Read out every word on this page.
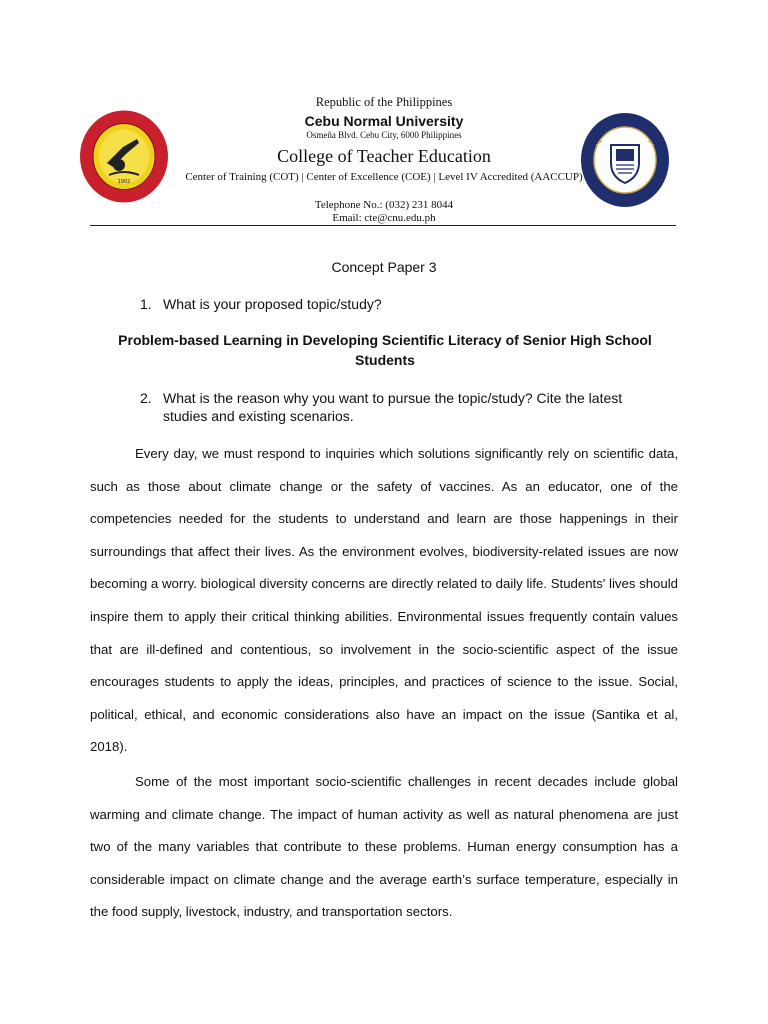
1902
Republic of the Philippines
Cebu Normal University
Osmeña Blvd. Cebu City, 6000 Philippines
College of Teacher Education
Center of Training (COT) | Center of Excellence (COE) | Level IV Accredited (AACCUP)
Telephone No.: (032) 231 8044
Email: cte@cnu.edu.ph
Concept Paper 3
1. What is your proposed topic/study?
Problem-based Learning in Developing Scientific Literacy of Senior High School Students
2. What is the reason why you want to pursue the topic/study? Cite the latest studies and existing scenarios.

Every day, we must respond to inquiries which solutions significantly rely on scientific data, such as those about climate change or the safety of vaccines. As an educator, one of the competencies needed for the students to understand and learn are those happenings in their surroundings that affect their lives. As the environment evolves, biodiversity-related issues are now becoming a worry. biological diversity concerns are directly related to daily life. Students' lives should inspire them to apply their critical thinking abilities. Environmental issues frequently contain values that are ill-defined and contentious, so involvement in the socio-scientific aspect of the issue encourages students to apply the ideas, principles, and practices of science to the issue. Social, political, ethical, and economic considerations also have an impact on the issue (Santika et al, 2018).

Some of the most important socio-scientific challenges in recent decades include global warming and climate change. The impact of human activity as well as natural phenomena are just two of the many variables that contribute to these problems. Human energy consumption has a considerable impact on climate change and the average earth’s surface temperature, especially in the food supply, livestock, industry, and transportation sectors.
